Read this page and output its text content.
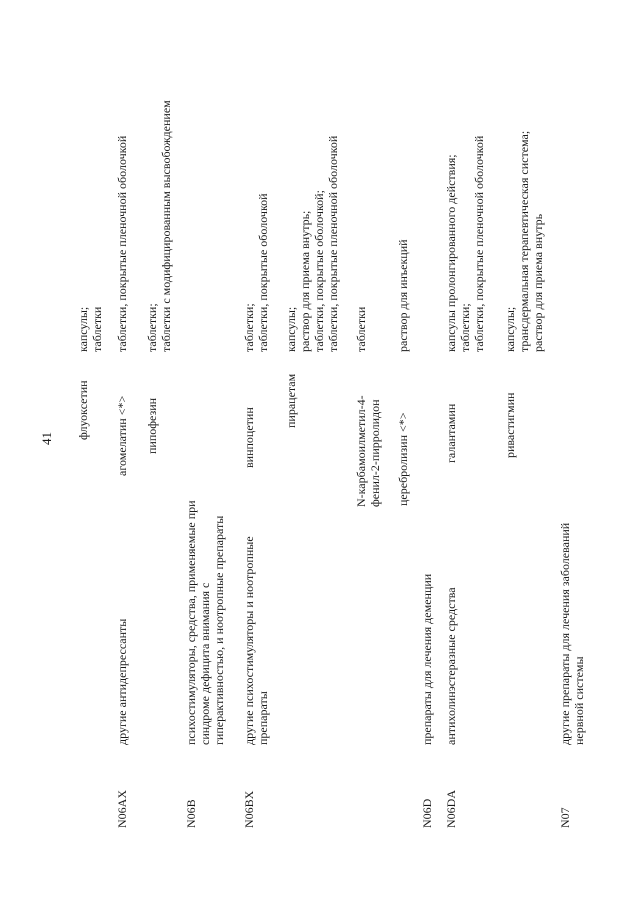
41 флуоксетин
капсулы; таблетки
N06AX
другие антидепрессанты
агомелатин <*>
таблетки, покрытые пленочной оболочкой
пипофезин
таблетки; таблетки с модифицированным высвобождением
N06B
психостимуляторы, средства, применяемые при синдроме дефицита внимания с гиперактивностью, и ноотропные препараты
N06BX
другие психостимуляторы и ноотропные препараты
винпоцетин
таблетки; таблетки, покрытые оболочкой
пирацетам
капсулы; раствор для приема внутрь; таблетки, покрытые оболочкой; таблетки, покрытые пленочной оболочкой
N-карбамоилметил-4- фенил-2-пирролидон
таблетки
церебролизин <*>
раствор для инъекций
N06D
препараты для лечения деменции
N06DA
антихолинэстеразные средства
галантамин
капсулы пролонгированного действия; таблетки; таблетки, покрытые пленочной оболочкой
ривастигмин
капсулы; трансдермальная терапевтическая система; раствор для приема внутрь
N07
другие препараты для лечения заболеваний нервной системы
